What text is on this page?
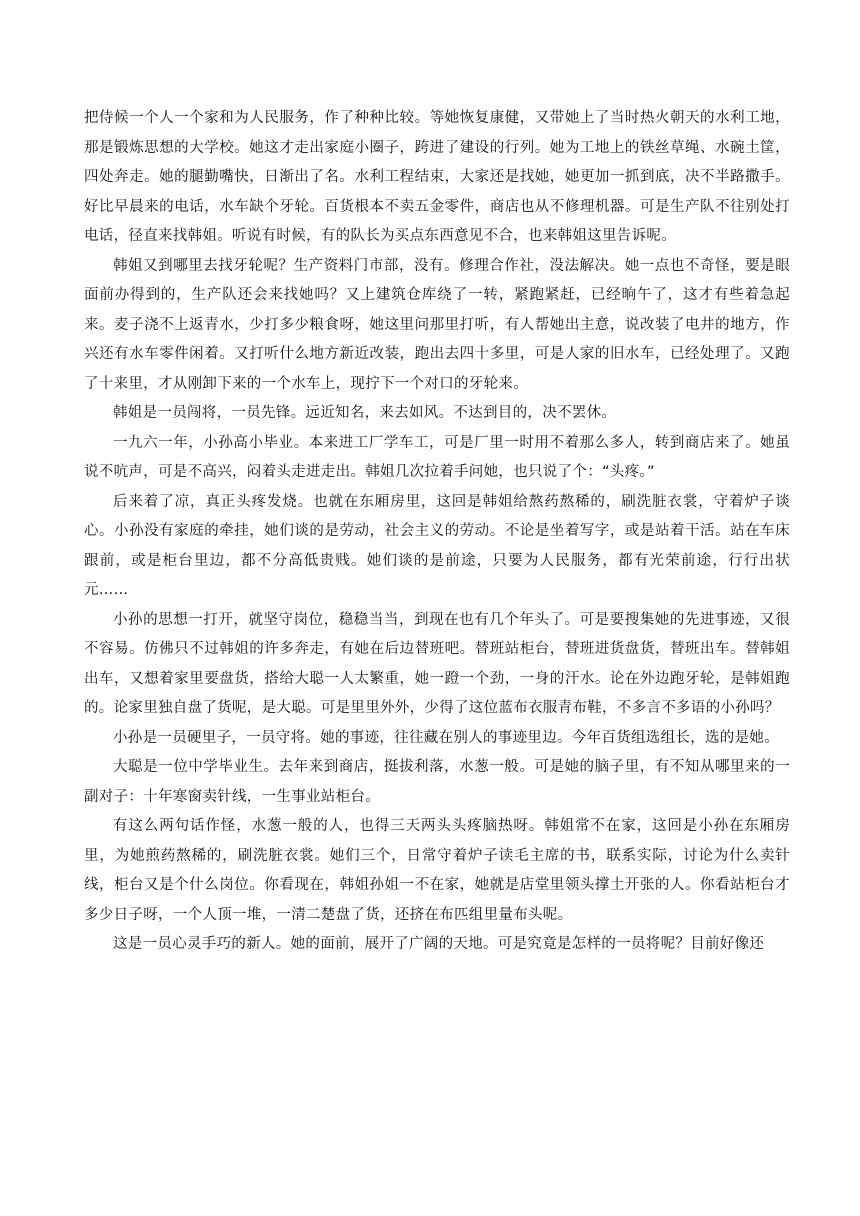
把侍候一个人一个家和为人民服务，作了种种比较。等她恢复康健，又带她上了当时热火朝天的水利工地，那是锻炼思想的大学校。她这才走出家庭小圈子，跨进了建设的行列。她为工地上的铁丝草绳、水碗土筐，四处奔走。她的腿勤嘴快，日渐出了名。水利工程结束，大家还是找她，她更加一抓到底，决不半路撒手。好比早晨来的电话，水车缺个牙轮。百货根本不卖五金零件，商店也从不修理机器。可是生产队不往别处打电话，径直来找韩姐。听说有时候，有的队长为买点东西意见不合，也来韩姐这里告诉呢。

韩姐又到哪里去找牙轮呢？生产资料门市部，没有。修理合作社，没法解决。她一点也不奇怪，要是眼面前办得到的，生产队还会来找她吗？又上建筑仓库绕了一转，紧跑紧赶，已经晌午了，这才有些着急起来。麦子浇不上返青水，少打多少粮食呀，她这里问那里打听，有人帮她出主意，说改装了电井的地方，作兴还有水车零件闲着。又打听什么地方新近改装，跑出去四十多里，可是人家的旧水车，已经处理了。又跑了十来里，才从刚卸下来的一个水车上，现拧下一个对口的牙轮来。

韩姐是一员闯将，一员先锋。远近知名，来去如风。不达到目的，决不罢休。

一九六一年，小孙高小毕业。本来进工厂学车工，可是厂里一时用不着那么多人，转到商店来了。她虽说不吭声，可是不高兴，闷着头走进走出。韩姐几次拉着手问她，也只说了个：“头疼。”

后来着了凉，真正头疼发烧。也就在东厢房里，这回是韩姐给熬药熬稀的，刷洗脏衣裳，守着炉子谈心。小孙没有家庭的牵挂，她们谈的是劳动，社会主义的劳动。不论是坐着写字，或是站着干活。站在车床跟前，或是柜台里边，都不分高低贵贱。她们谈的是前途，只要为人民服务，都有光荣前途，行行出状元……

小孙的思想一打开，就坚守岗位，稳稳当当，到现在也有几个年头了。可是要搜集她的先进事迹，又很不容易。仿佛只不过韩姐的许多奔走，有她在后边替班吧。替班站柜台，替班进货盘货，替班出车。替韩姐出车，又想着家里要盘货，搭给大聪一人太繁重，她一蹬一个劲，一身的汗水。论在外边跑牙轮，是韩姐跑的。论家里独自盘了货呢，是大聪。可是里里外外，少得了这位蓝布衣服青布鞋，不多言不多语的小孙吗？

小孙是一员硬里子，一员守将。她的事迹，往往藏在别人的事迹里边。今年百货组选组长，选的是她。

大聪是一位中学毕业生。去年来到商店，挺拔利落，水葱一般。可是她的脑子里，有不知从哪里来的一副对子：十年寒窗卖针线，一生事业站柜台。

有这么两句话作怪，水葱一般的人，也得三天两头头疼脑热呀。韩姐常不在家，这回是小孙在东厢房里，为她煎药熬稀的，刷洗脏衣裳。她们三个，日常守着炉子读毛主席的书，联系实际，讨论为什么卖针线，柜台又是个什么岗位。你看现在，韩姐孙姐一不在家，她就是店堂里领头撑土开张的人。你看站柜台才多少日子呀，一个人顶一堆，一清二楚盘了货，还挤在布匹组里量布头呢。

这是一员心灵手巧的新人。她的面前，展开了广阔的天地。可是究竟是怎样的一员将呢？目前好像还
